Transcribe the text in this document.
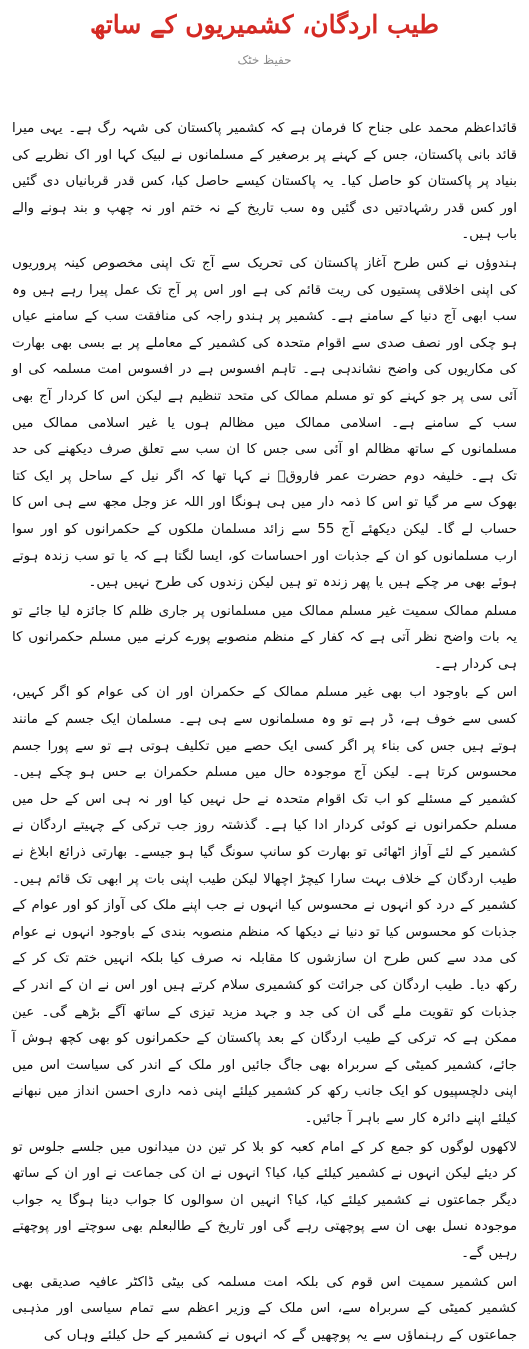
طیب اردگان، کشمیریوں کے ساتھ

حفیظ خٹک

قائداعظم محمد علی جناح کا فرمان ہے کہ کشمیر پاکستان کی شہہ رگ ہے۔ یہی میرا قائد بانی پاکستان، جس کے کہنے پر برصغیر کے مسلمانوں نے لبیک کہا اور اک نظریے کی بنیاد پر پاکستان کو حاصل کیا۔ یہ پاکستان کیسے حاصل کیا، کس قدر قربانیاں دی گئیں اور کس قدر رشہادتیں دی گئیں وہ سب تاریخ کے نہ ختم اور نہ چھپ و بند ہونے والے باب ہیں۔

ہندوؤں نے کس طرح آغاز پاکستان کی تحریک سے آج تک اپنی مخصوص کینہ پروریوں کی اپنی اخلاقی پستیوں کی ریت قائم کی ہے اور اس پر آج تک عمل پیرا رہے ہیں وہ سب ابھی آج دنیا کے سامنے ہے۔ کشمیر پر ہندو راجہ کی منافقت سب کے سامنے عیاں ہو چکی اور نصف صدی سے اقوام متحدہ کی کشمیر کے معاملے پر بے بسی بھی بھارت کی مکاریوں کی واضح نشاندہی ہے۔ تاہم افسوس ہے در افسوس امت مسلمہ کی او آئی سی پر جو کہنے کو تو مسلم ممالک کی متحد تنظیم ہے لیکن اس کا کردار آج بھی سب کے سامنے ہے۔ اسلامی ممالک میں مظالم ہوں یا غیر اسلامی ممالک میں مسلمانوں کے ساتھ مظالم او آئی سی جس کا ان سب سے تعلق صرف دیکھنے کی حد تک ہے۔ خلیفہ دوم حضرت عمر فاروقؓ نے کہا تھا کہ اگر نیل کے ساحل پر ایک کتا بھوک سے مر گیا تو اس کا ذمہ دار میں ہی ہونگا اور اللہ عز وجل مجھ سے ہی اس کا حساب لے گا۔ لیکن دیکھئے آج 55 سے زائد مسلمان ملکوں کے حکمرانوں کو اور سوا ارب مسلمانوں کو ان کے جذبات اور احساسات کو، ایسا لگتا ہے کہ یا تو سب زندہ ہوتے ہوئے بھی مر چکے ہیں یا پھر زندہ تو ہیں لیکن زندوں کی طرح نہیں ہیں۔

مسلم ممالک سمیت غیر مسلم ممالک میں مسلمانوں پر جاری ظلم کا جائزہ لیا جائے تو یہ بات واضح نظر آتی ہے کہ کفار کے منظم منصوبے پورے کرنے میں مسلم حکمرانوں کا ہی کردار ہے۔

اس کے باوجود اب بھی غیر مسلم ممالک کے حکمران اور ان کی عوام کو اگر کہیں، کسی سے خوف ہے، ڈر ہے تو وہ مسلمانوں سے ہی ہے۔ مسلمان ایک جسم کے مانند ہوتے ہیں جس کی بناء پر اگر کسی ایک حصے میں تکلیف ہوتی ہے تو سے پورا جسم محسوس کرتا ہے۔ لیکن آج موجودہ حال میں مسلم حکمران بے حس ہو چکے ہیں۔ کشمیر کے مسئلے کو اب تک اقوام متحدہ نے حل نہیں کیا اور نہ ہی اس کے حل میں مسلم حکمرانوں نے کوئی کردار ادا کیا ہے۔ گذشتہ روز جب ترکی کے چہیتے اردگان نے کشمیر کے لئے آواز اٹھائی تو بھارت کو سانپ سونگ گیا ہو جیسے۔ بھارتی ذرائع ابلاغ نے طیب اردگان کے خلاف بہت سارا کیچڑ اچھالا لیکن طیب اپنی بات پر ابھی تک قائم ہیں۔ کشمیر کے درد کو انہوں نے محسوس کیا انہوں نے جب اپنے ملک کی آواز کو اور عوام کے جذبات کو محسوس کیا تو دنیا نے دیکھا کہ منظم منصوبہ بندی کے باوجود انہوں نے عوام کی مدد سے کس طرح ان سازشوں کا مقابلہ نہ صرف کیا بلکہ انہیں ختم تک کر کے رکھ دیا۔ طیب اردگان کی جرائت کو کشمیری سلام کرتے ہیں اور اس نے ان کے اندر کے جذبات کو تقویت ملے گی ان کی جد و جہد مزید تیزی کے ساتھ آگے بڑھے گی۔ عین ممکن ہے کہ ترکی کے طیب اردگان کے بعد پاکستان کے حکمرانوں کو بھی کچھ ہوش آ جائے، کشمیر کمیٹی کے سربراہ بھی جاگ جائیں اور ملک کے اندر کی سیاست اس میں اپنی دلچسپیوں کو ایک جانب رکھ کر کشمیر کیلئے اپنی ذمہ داری احسن انداز میں نبھانے کیلئے اپنے دائرہ کار سے باہر آ جائیں۔

لاکھوں لوگوں کو جمع کر کے امام کعبہ کو بلا کر تین دن میدانوں میں جلسے جلوس تو کر دیئے لیکن انہوں نے کشمیر کیلئے کیا، کیا؟ انہوں نے ان کی جماعت نے اور ان کے ساتھ دیگر جماعتوں نے کشمیر کیلئے کیا، کیا؟ انہیں ان سوالوں کا جواب دینا ہوگا یہ جواب موجودہ نسل بھی ان سے پوچھتی رہے گی اور تاریخ کے طالبعلم بھی سوچتے اور پوچھتے رہیں گے۔

اس کشمیر سمیت اس قوم کی بلکہ امت مسلمہ کی بیٹی ڈاکٹر عافیہ صدیقی بھی کشمیر کمیٹی کے سربراہ سے، اس ملک کے وزیر اعظم سے تمام سیاسی اور مذہبی جماعتوں کے رہنماؤں سے یہ پوچھیں گے کہ انہوں نے کشمیر کے حل کیلئے وہاں کی
